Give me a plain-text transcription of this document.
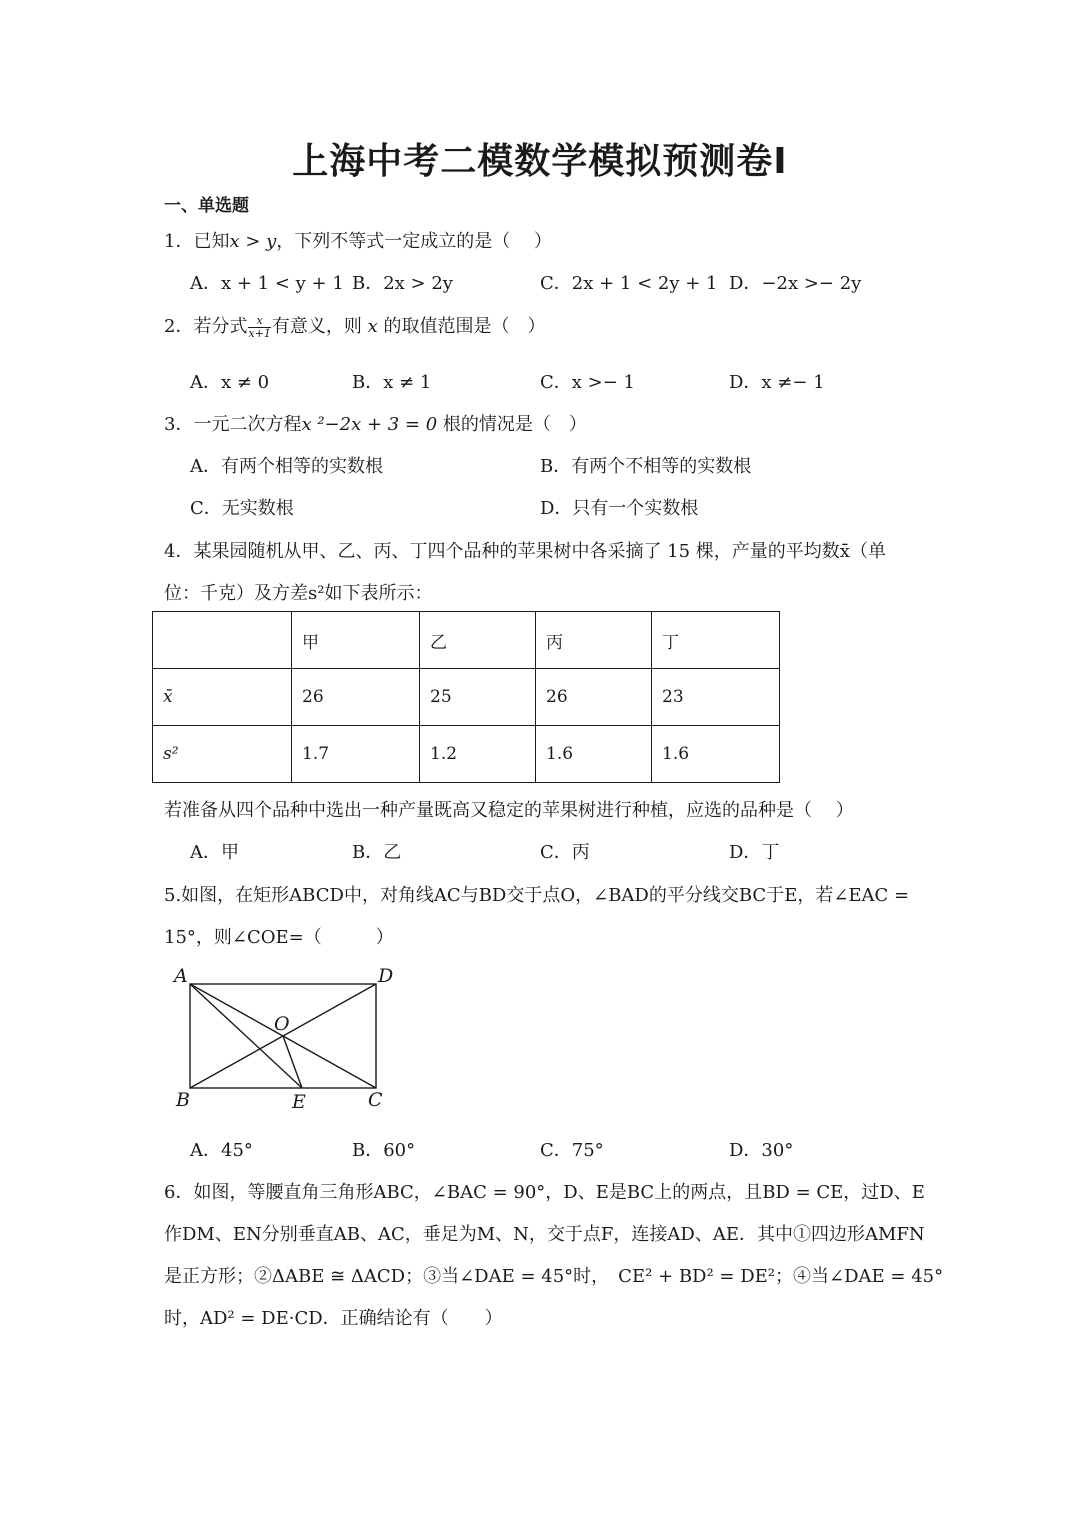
上海中考二模数学模拟预测卷Ⅰ
一、单选题
1．已知x > y，下列不等式一定成立的是（　 ）
A．x + 1 < y + 1 B．2x > 2y	C．2x + 1 < 2y + 1 D．−2x >− 2y
2．若分式 $\frac{x}{x+1}$ 有意义，则 x 的取值范围是（　）
A．x ≠ 0	B．x ≠ 1	C．x >− 1	D．x ≠− 1
3．一元二次方程x ²−2x + 3 = 0 根的情况是（　）
A．有两个相等的实数根	B．有两个不相等的实数根
C．无实数根	D．只有一个实数根
4．某果园随机从甲、乙、丙、丁四个品种的苹果树中各采摘了 15 棵，产量的平均数x̄（单
位：千克）及方差s²如下表所示：
	甲	乙	丙	丁
x̄	26	25	26	23
s²	1.7	1.2	1.6	1.6
若准备从四个品种中选出一种产量既高又稳定的苹果树进行种植，应选的品种是（　 ）
A．甲	B．乙	C．丙	D．丁
5.如图，在矩形ABCD中，对角线AC与BD交于点O，∠BAD的平分线交BC于E，若∠EAC =
15°，则∠COE=（　　　）
A	D
O
B	E	C
A．45°	B．60°	C．75°	D．30°
6．如图，等腰直角三角形ABC，∠BAC = 90°，D、E是BC上的两点，且BD = CE，过D、E
作DM、EN分别垂直AB、AC，垂足为M、N，交于点F，连接AD、AE．其中①四边形AMFN
是正方形；②ΔABE ≅ ΔACD；③当∠DAE = 45°时，　CE² + BD² = DE²；④当∠DAE = 45°
时，AD² = DE·CD．正确结论有（　　）
